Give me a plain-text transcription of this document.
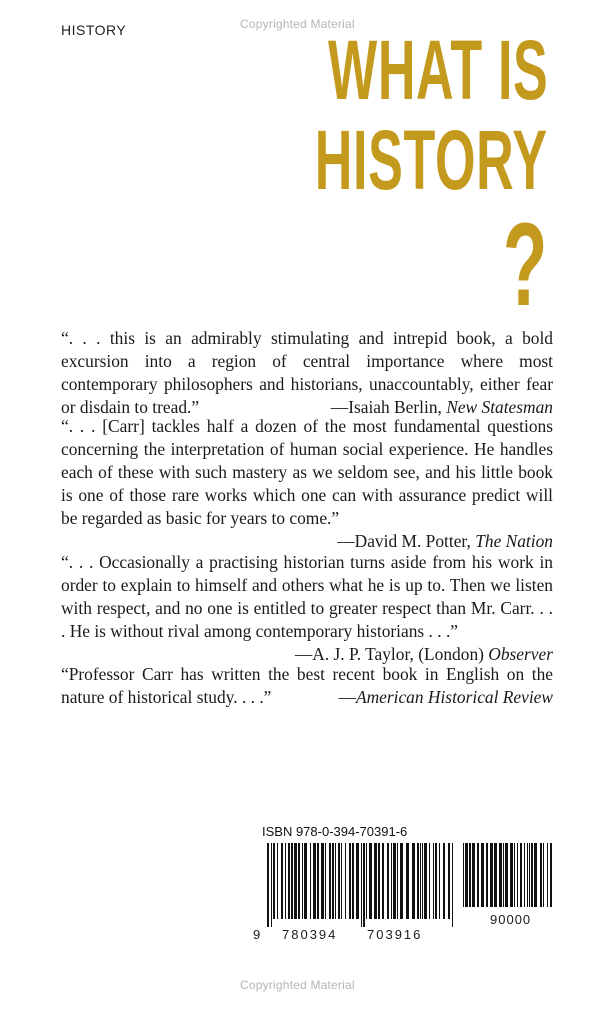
HISTORY	Copyrighted Material
WHAT IS
HISTORY
?

“. . . this is an admirably stimulating and intrepid book, a bold excursion into a region of central importance where most contemporary philosophers and historians, unaccountably, either fear or disdain to tread.”	—Isaiah Berlin, New Statesman

“. . . [Carr] tackles half a dozen of the most fundamental questions concerning the interpretation of human social experience. He handles each of these with such mastery as we seldom see, and his little book is one of those rare works which one can with assurance predict will be regarded as basic for years to come.”

—David M. Potter, The Nation

“. . . Occasionally a practising historian turns aside from his work in order to explain to himself and others what he is up to. Then we listen with respect, and no one is entitled to greater respect than Mr. Carr. . . . He is without rival among contemporary historians . . .”
—A. J. P. Taylor, (London) Observer

“Professor Carr has written the best recent book in English on the nature of historical study. . . .”	—American Historical Review

ISBN 978-0-394-70391-6
9 780394 703916
90000
Copyrighted Material
